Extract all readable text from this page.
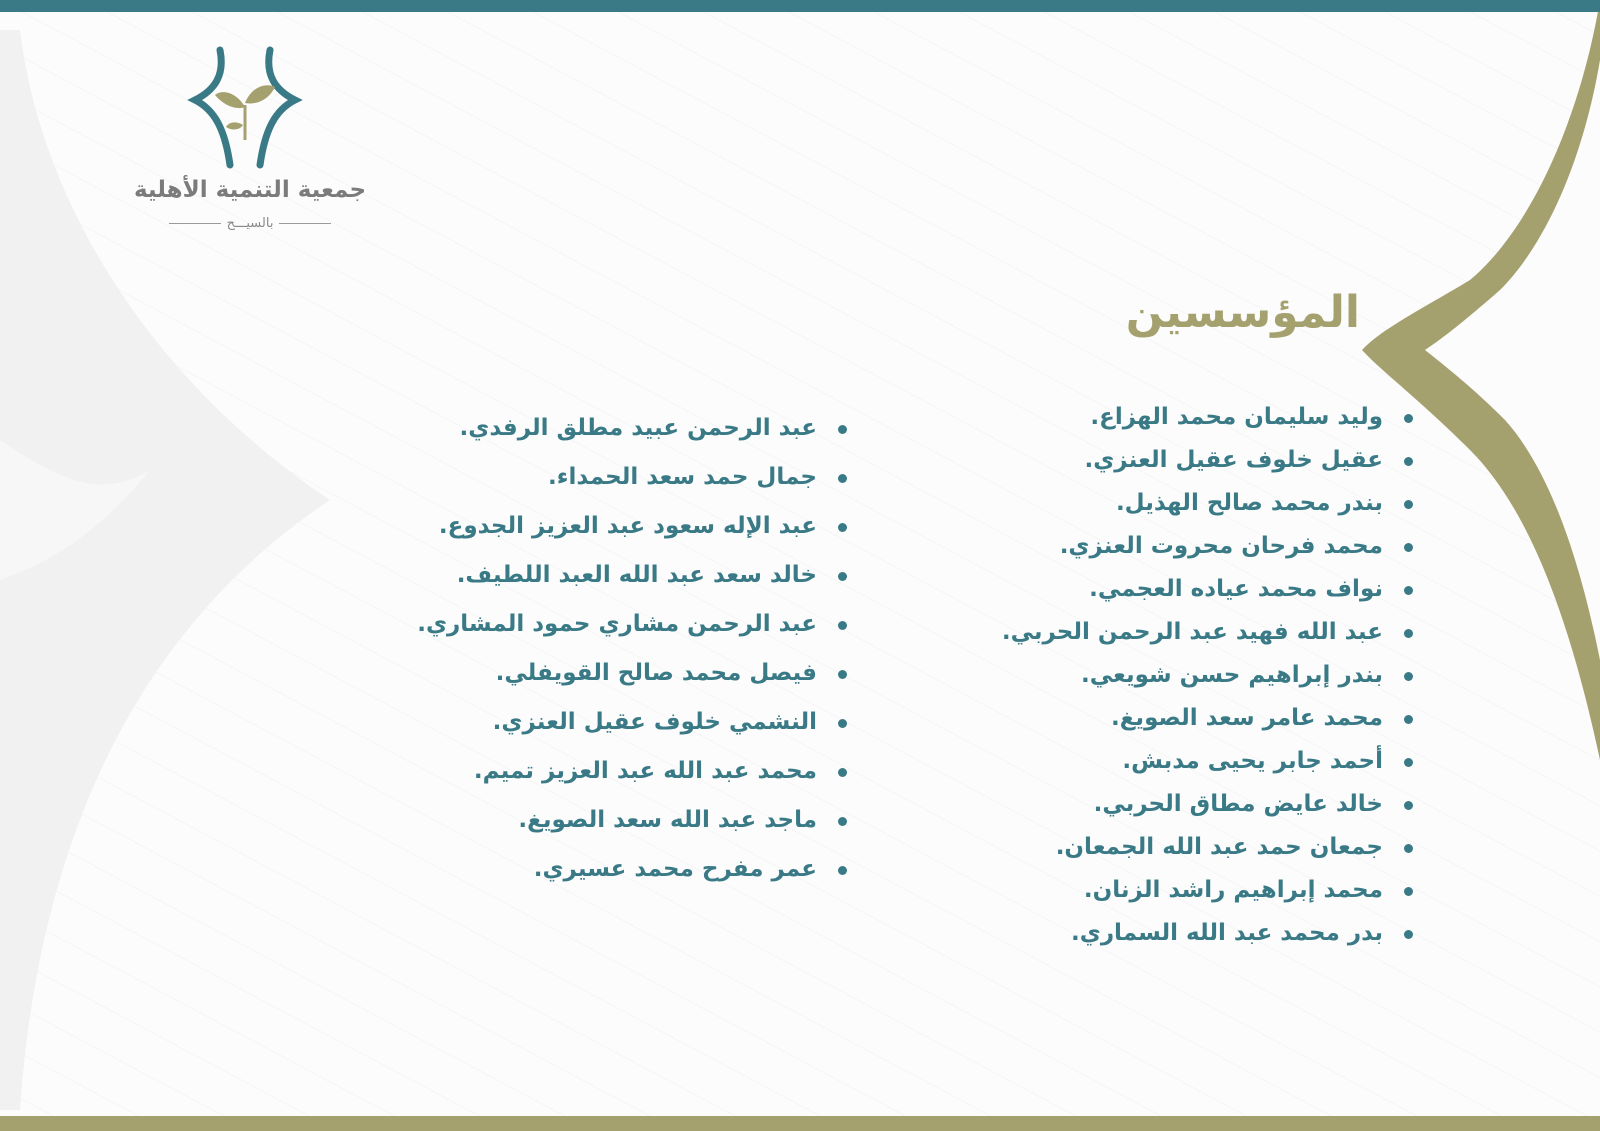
جمعية التنمية الأهلية
بالسيـــح
المؤسسين
وليد سليمان محمد الهزاع.
عقيل خلوف عقيل العنزي.
بندر محمد صالح الهذيل.
محمد فرحان محروت العنزي.
نواف محمد عياده العجمي.
عبد الله فهيد عبد الرحمن الحربي.
بندر إبراهيم حسن شويعي.
محمد عامر سعد الصويغ.
أحمد جابر يحيى مدبش.
خالد عايض مطاق الحربي.
جمعان حمد عبد الله الجمعان.
محمد إبراهيم راشد الزنان.
بدر محمد عبد الله السماري.
عبد الرحمن عبيد مطلق الرفدي.
جمال حمد سعد الحمداء.
عبد الإله سعود عبد العزيز الجدوع.
خالد سعد عبد الله العبد اللطيف.
عبد الرحمن مشاري حمود المشاري.
فيصل محمد صالح القويفلي.
النشمي خلوف عقيل العنزي.
محمد عبد الله عبد العزيز تميم.
ماجد عبد الله سعد الصويغ.
عمر مفرح محمد عسيري.
